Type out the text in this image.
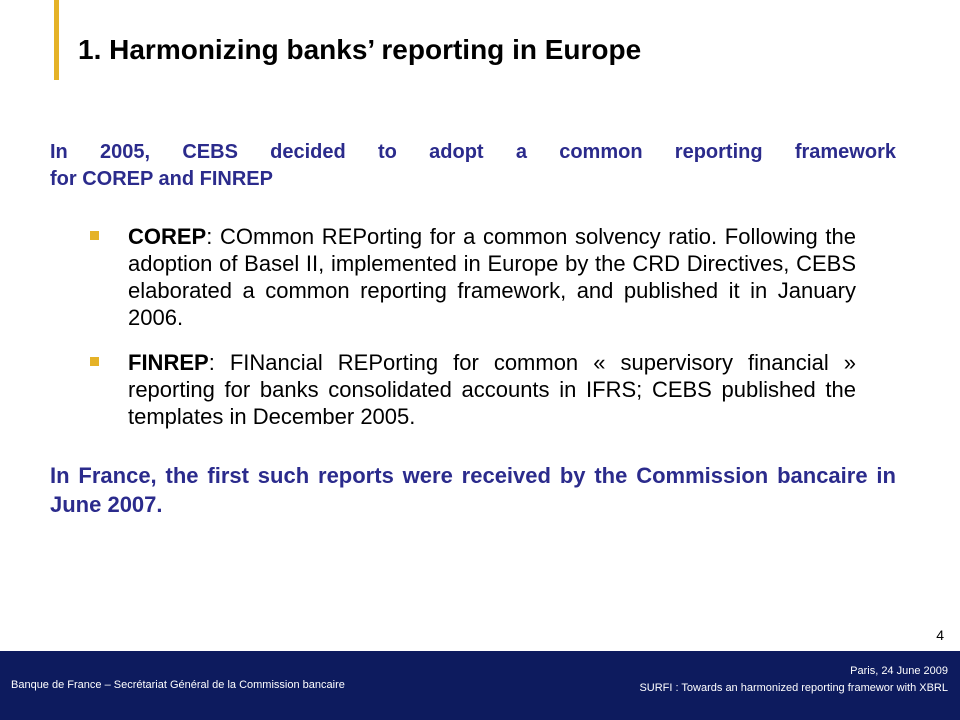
1. Harmonizing banks’ reporting in Europe

In 2005, CEBS decided to adopt a common reporting framework
for COREP and FINREP

COREP: COmmon REPorting for a common solvency ratio. Following the adoption of Basel II, implemented in Europe by the CRD Directives, CEBS elaborated a common reporting framework, and published it in January 2006.
FINREP: FINancial REPorting for common « supervisory financial » reporting for banks consolidated accounts in IFRS; CEBS published the templates in December 2005.

In France, the first such reports were received by the Commission bancaire in June 2007.

4
Banque de France – Secrétariat Général de la Commission bancaire
Paris, 24 June 2009
SURFI : Towards an harmonized reporting framewor with XBRL
